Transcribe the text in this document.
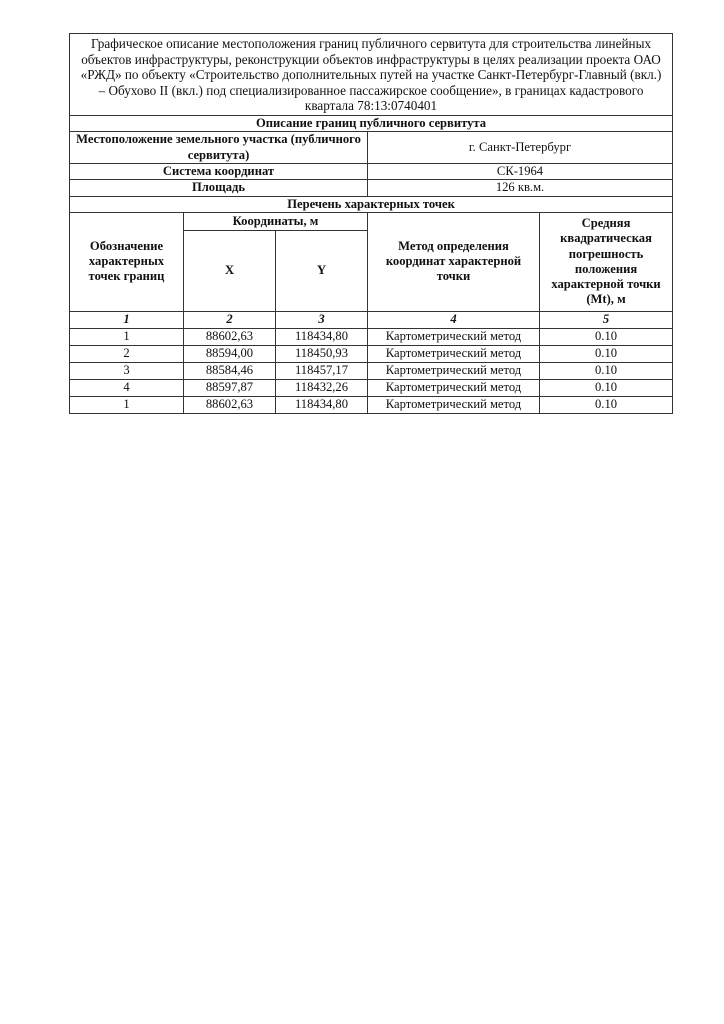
Графическое описание местоположения границ публичного сервитута для строительства линейных объектов инфраструктуры, реконструкции объектов инфраструктуры в целях реализации проекта ОАО «РЖД» по объекту «Строительство дополнительных путей на участке Санкт-Петербург-Главный (вкл.) – Обухово II (вкл.) под специализированное пассажирское сообщение», в границах кадастрового квартала 78:13:0740401				
Описание границ публичного сервитута				
Местоположение земельного участка (публичного сервитута)			г. Санкт-Петербург	
Система координат			СК-1964	
Площадь			126 кв.м.	
Перечень характерных точек				
Обозначение характерных точек границ	Координаты, м		Метод определения координат характерной точки	Средняя квадратическая погрешность положения характерной точки (Mt), м
	X	Y		
1	2	3	4	5
1	88602,63	118434,80	Картометрический метод	0.10
2	88594,00	118450,93	Картометрический метод	0.10
3	88584,46	118457,17	Картометрический метод	0.10
4	88597,87	118432,26	Картометрический метод	0.10
1	88602,63	118434,80	Картометрический метод	0.10
